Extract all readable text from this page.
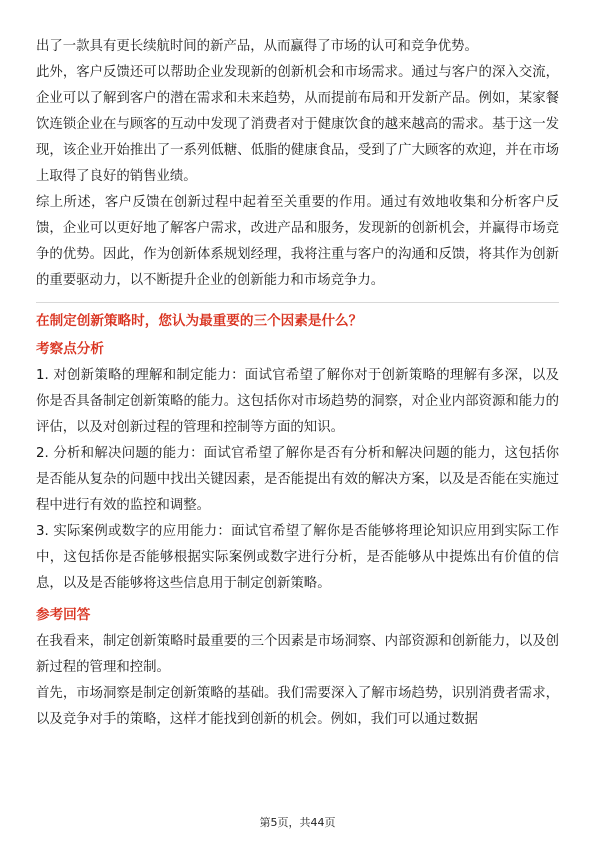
出了一款具有更长续航时间的新产品，从而赢得了市场的认可和竞争优势。

此外，客户反馈还可以帮助企业发现新的创新机会和市场需求。通过与客户的深入交流，企业可以了解到客户的潜在需求和未来趋势，从而提前布局和开发新产品。例如，某家餐饮连锁企业在与顾客的互动中发现了消费者对于健康饮食的越来越高的需求。基于这一发现，该企业开始推出了一系列低糖、低脂的健康食品，受到了广大顾客的欢迎，并在市场上取得了良好的销售业绩。

综上所述，客户反馈在创新过程中起着至关重要的作用。通过有效地收集和分析客户反馈，企业可以更好地了解客户需求，改进产品和服务，发现新的创新机会，并赢得市场竞争的优势。因此，作为创新体系规划经理，我将注重与客户的沟通和反馈，将其作为创新的重要驱动力，以不断提升企业的创新能力和市场竞争力。

在制定创新策略时，您认为最重要的三个因素是什么？

考察点分析

1. 对创新策略的理解和制定能力：面试官希望了解你对于创新策略的理解有多深，以及你是否具备制定创新策略的能力。这包括你对市场趋势的洞察，对企业内部资源和能力的评估，以及对创新过程的管理和控制等方面的知识。

2. 分析和解决问题的能力：面试官希望了解你是否有分析和解决问题的能力，这包括你是否能从复杂的问题中找出关键因素，是否能提出有效的解决方案，以及是否能在实施过程中进行有效的监控和调整。

3. 实际案例或数字的应用能力：面试官希望了解你是否能够将理论知识应用到实际工作中，这包括你是否能够根据实际案例或数字进行分析，是否能够从中提炼出有价值的信息，以及是否能够将这些信息用于制定创新策略。

参考回答

在我看来，制定创新策略时最重要的三个因素是市场洞察、内部资源和创新能力，以及创新过程的管理和控制。

首先，市场洞察是制定创新策略的基础。我们需要深入了解市场趋势，识别消费者需求，以及竞争对手的策略，这样才能找到创新的机会。例如，我们可以通过数据

第5页，共44页
